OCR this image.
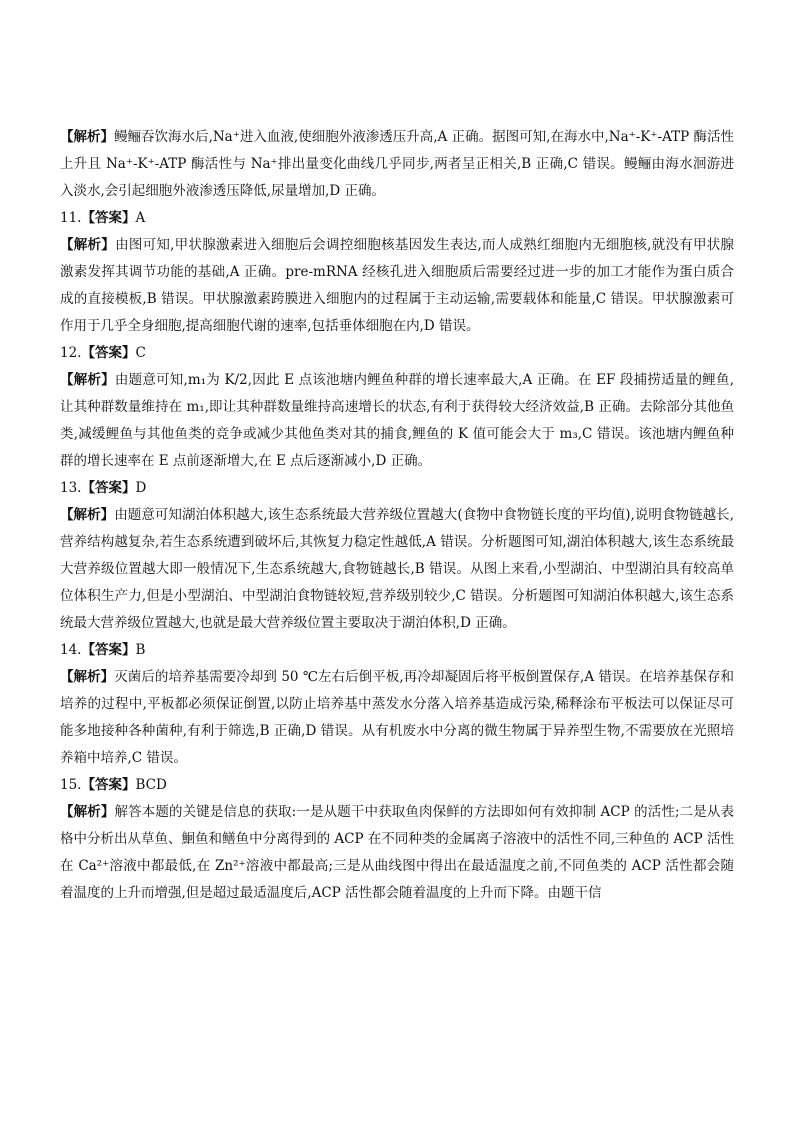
【解析】鳗鲡吞饮海水后,Na⁺进入血液,使细胞外液渗透压升高,A 正确。据图可知,在海水中,Na⁺-K⁺-ATP 酶活性上升且 Na⁺-K⁺-ATP 酶活性与 Na⁺排出量变化曲线几乎同步,两者呈正相关,B 正确,C 错误。鳗鲡由海水洄游进入淡水,会引起细胞外液渗透压降低,尿量增加,D 正确。

11.【答案】A

【解析】由图可知,甲状腺激素进入细胞后会调控细胞核基因发生表达,而人成熟红细胞内无细胞核,就没有甲状腺激素发挥其调节功能的基础,A 正确。pre-mRNA 经核孔进入细胞质后需要经过进一步的加工才能作为蛋白质合成的直接模板,B 错误。甲状腺激素跨膜进入细胞内的过程属于主动运输,需要载体和能量,C 错误。甲状腺激素可作用于几乎全身细胞,提高细胞代谢的速率,包括垂体细胞在内,D 错误。

12.【答案】C

【解析】由题意可知,m₁为 K/2,因此 E 点该池塘内鲤鱼种群的增长速率最大,A 正确。在 EF 段捕捞适量的鲤鱼,让其种群数量维持在 m₁,即让其种群数量维持高速增长的状态,有利于获得较大经济效益,B 正确。去除部分其他鱼类,减缓鲤鱼与其他鱼类的竞争或减少其他鱼类对其的捕食,鲤鱼的 K 值可能会大于 m₃,C 错误。该池塘内鲤鱼种群的增长速率在 E 点前逐渐增大,在 E 点后逐渐减小,D 正确。

13.【答案】D

【解析】由题意可知湖泊体积越大,该生态系统最大营养级位置越大(食物中食物链长度的平均值),说明食物链越长,营养结构越复杂,若生态系统遭到破坏后,其恢复力稳定性越低,A 错误。分析题图可知,湖泊体积越大,该生态系统最大营养级位置越大即一般情况下,生态系统越大,食物链越长,B 错误。从图上来看,小型湖泊、中型湖泊具有较高单位体积生产力,但是小型湖泊、中型湖泊食物链较短,营养级别较少,C 错误。分析题图可知湖泊体积越大,该生态系统最大营养级位置越大,也就是最大营养级位置主要取决于湖泊体积,D 正确。

14.【答案】B

【解析】灭菌后的培养基需要冷却到 50 ℃左右后倒平板,再冷却凝固后将平板倒置保存,A 错误。在培养基保存和培养的过程中,平板都必须保证倒置,以防止培养基中蒸发水分落入培养基造成污染,稀释涂布平板法可以保证尽可能多地接种各种菌种,有利于筛选,B 正确,D 错误。从有机废水中分离的微生物属于异养型生物,不需要放在光照培养箱中培养,C 错误。

15.【答案】BCD

【解析】解答本题的关键是信息的获取:一是从题干中获取鱼肉保鲜的方法即如何有效抑制 ACP 的活性;二是从表格中分析出从草鱼、鮰鱼和鳝鱼中分离得到的 ACP 在不同种类的金属离子溶液中的活性不同,三种鱼的 ACP 活性在 Ca²⁺溶液中都最低,在 Zn²⁺溶液中都最高;三是从曲线图中得出在最适温度之前,不同鱼类的 ACP 活性都会随着温度的上升而增强,但是超过最适温度后,ACP 活性都会随着温度的上升而下降。由题干信
